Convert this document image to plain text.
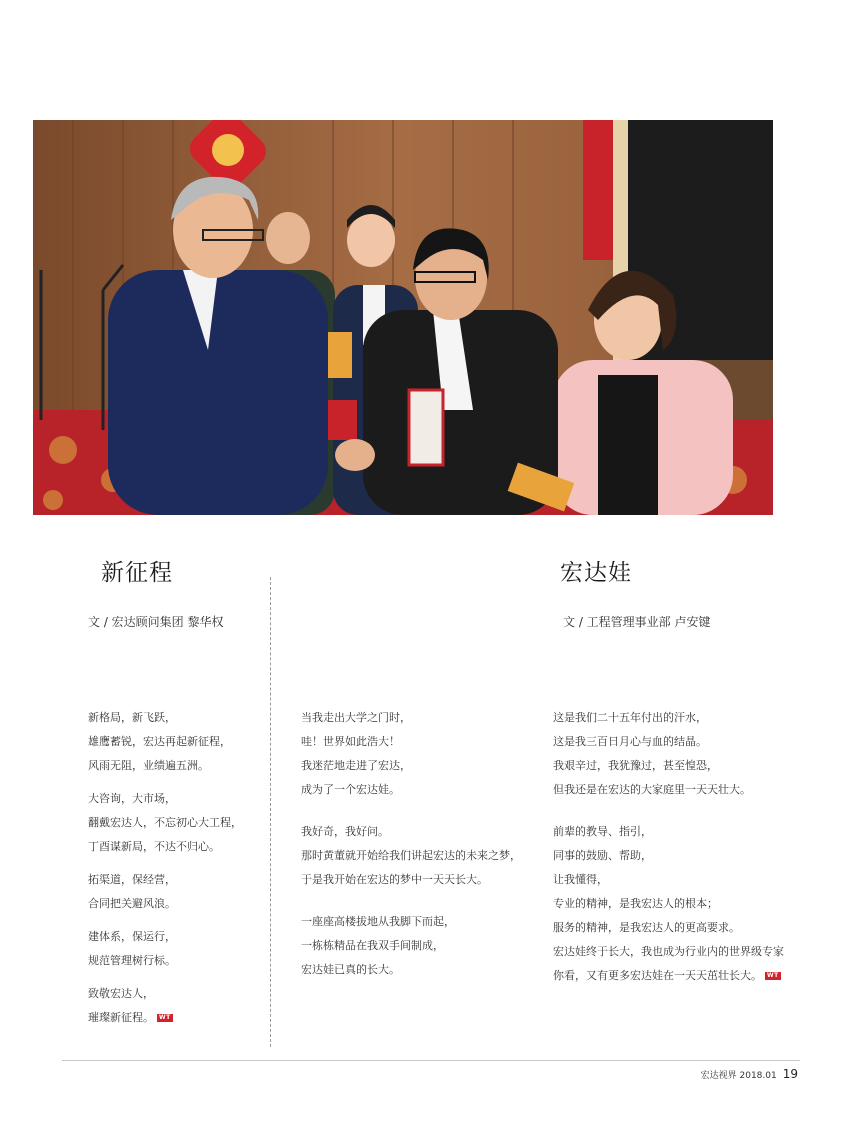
新征程
文 / 宏达顾问集团 黎华权
宏达娃
文 / 工程管理事业部 卢安键
新格局，新飞跃，
雄鹰蓄锐，宏达再起新征程，
风雨无阻，业绩遍五洲。
大咨询，大市场，
翻戴宏达人，不忘初心大工程，
丁酉谋新局，不达不归心。
拓渠道，保经营，
合同把关避风浪。
建体系，保运行，
规范管理树行标。
致敬宏达人，
璀璨新征程。 WT
当我走出大学之门时，
哇！世界如此浩大！
我迷茫地走进了宏达，
成为了一个宏达娃。
我好奇，我好问。
那时黄董就开始给我们讲起宏达的未来之梦，
于是我开始在宏达的梦中一天天长大。
一座座高楼拔地从我脚下而起，
一栋栋精品在我双手间制成，
宏达娃已真的长大。
这是我们二十五年付出的汗水，
这是我三百日月心与血的结晶。
我艰辛过，我犹豫过，甚至惶恐，
但我还是在宏达的大家庭里一天天壮大。
前辈的教导、指引，
同事的鼓励、帮助，
让我懂得，
专业的精神，是我宏达人的根本；
服务的精神，是我宏达人的更高要求。
宏达娃终于长大，我也成为行业内的世界级专家
你看，又有更多宏达娃在一天天茁壮长大。 WT
宏达视界 2018.01 19
